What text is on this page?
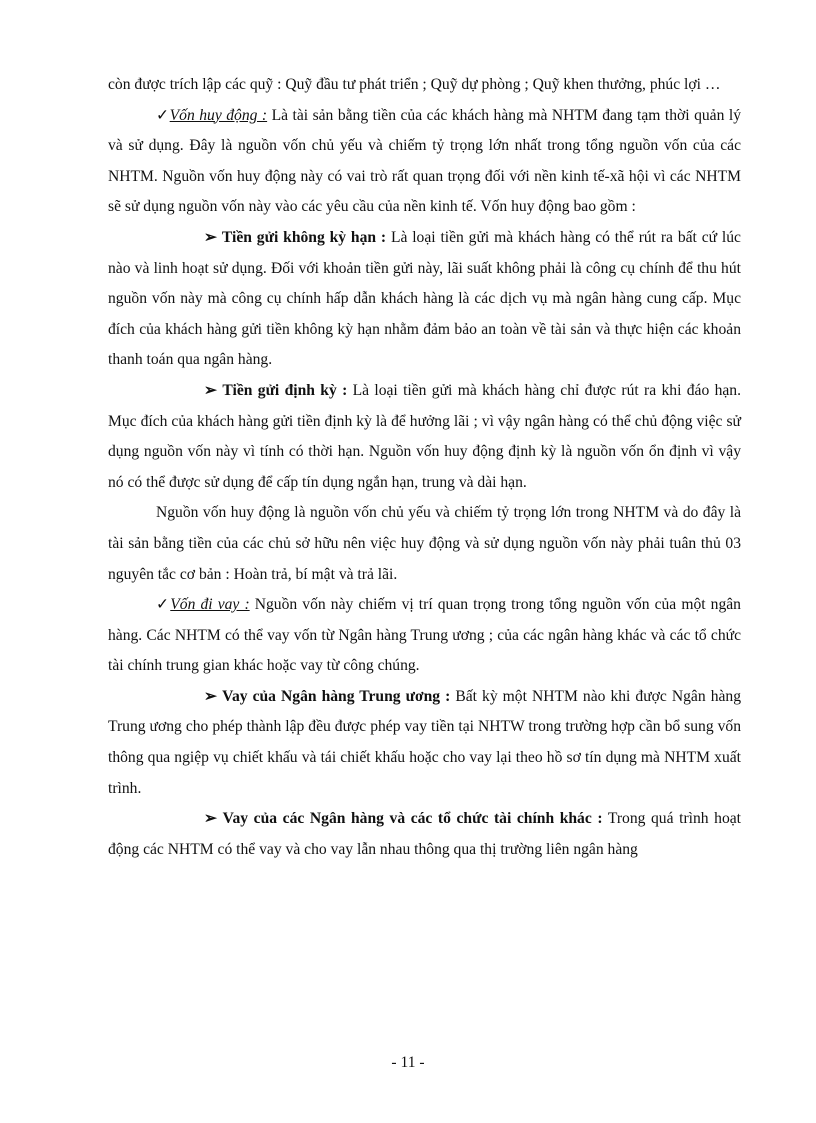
còn được trích lập các quỹ : Quỹ đầu tư phát triển ; Quỹ dự phòng ; Quỹ khen thưởng, phúc lợi …

✓Vốn huy động : Là tài sản bằng tiền của các khách hàng mà NHTM đang tạm thời quản lý và sử dụng. Đây là nguồn vốn chủ yếu và chiếm tỷ trọng lớn nhất trong tổng nguồn vốn của các NHTM. Nguồn vốn huy động này có vai trò rất quan trọng đối với nền kinh tế-xã hội vì các NHTM sẽ sử dụng nguồn vốn này vào các yêu cầu của nền kinh tế. Vốn huy động bao gồm :

➢ Tiền gửi không kỳ hạn : Là loại tiền gửi mà khách hàng có thể rút ra bất cứ lúc nào và linh hoạt sử dụng. Đối với khoản tiền gửi này, lãi suất không phải là công cụ chính để thu hút nguồn vốn này mà công cụ chính hấp dẫn khách hàng là các dịch vụ mà ngân hàng cung cấp. Mục đích của khách hàng gửi tiền không kỳ hạn nhằm đảm bảo an toàn về tài sản và thực hiện các khoản thanh toán qua ngân hàng.

➢ Tiền gửi định kỳ : Là loại tiền gửi mà khách hàng chỉ được rút ra khi đáo hạn. Mục đích của khách hàng gửi tiền định kỳ là để hưởng lãi ; vì vậy ngân hàng có thể chủ động việc sử dụng nguồn vốn này vì tính có thời hạn. Nguồn vốn huy động định kỳ là nguồn vốn ổn định vì vậy nó có thể được sử dụng để cấp tín dụng ngắn hạn, trung và dài hạn.

Nguồn vốn huy động là nguồn vốn chủ yếu và chiếm tỷ trọng lớn trong NHTM và do đây là tài sản bằng tiền của các chủ sở hữu nên việc huy động và sử dụng nguồn vốn này phải tuân thủ 03 nguyên tắc cơ bản : Hoàn trả, bí mật và trả lãi.

✓Vốn đi vay : Nguồn vốn này chiếm vị trí quan trọng trong tổng nguồn vốn của một ngân hàng. Các NHTM có thể vay vốn từ Ngân hàng Trung ương ; của các ngân hàng khác và các tổ chức tài chính trung gian khác hoặc vay từ công chúng.

➢ Vay của Ngân hàng Trung ương : Bất kỳ một NHTM nào khi được Ngân hàng Trung ương cho phép thành lập đều được phép vay tiền tại NHTW trong trường hợp cần bổ sung vốn thông qua ngiệp vụ chiết khấu và tái chiết khấu hoặc cho vay lại theo hồ sơ tín dụng mà NHTM xuất trình.

➢ Vay của các Ngân hàng và các tổ chức tài chính khác : Trong quá trình hoạt động các NHTM có thể vay và cho vay lẫn nhau thông qua thị trường liên ngân hàng

- 11 -
